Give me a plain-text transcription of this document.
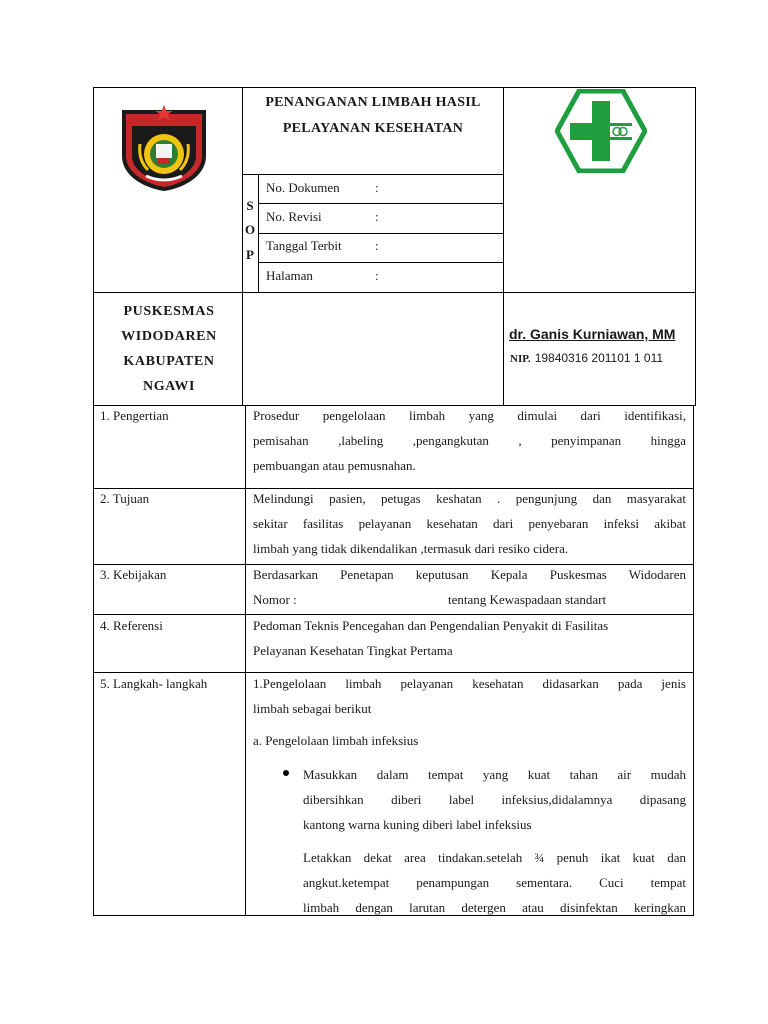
PENANGANAN LIMBAH HASIL
PELAYANAN KESEHATAN
S
O
P
No. Dokumen	:
No. Revisi	:
Tanggal Terbit	:
Halaman	:
PUSKESMAS
WIDODAREN
KABUPATEN
NGAWI
dr. Ganis Kurniawan, MM
NIP. 19840316 201101 1 011
1. Pengertian	Prosedur pengelolaan limbah yang dimulai dari identifikasi,
pemisahan ,labeling ,pengangkutan , penyimpanan hingga
pembuangan atau pemusnahan.
2. Tujuan	Melindungi pasien, petugas keshatan . pengunjung dan masyarakat
sekitar fasilitas pelayanan kesehatan dari penyebaran infeksi akibat
limbah yang tidak dikendalikan ,termasuk dari resiko cidera.
3. Kebijakan	Berdasarkan Penetapan keputusan Kepala Puskesmas Widodaren
Nomor :	tentang Kewaspadaan standart
4. Referensi	Pedoman Teknis Pencegahan dan Pengendalian Penyakit di Fasilitas
Pelayanan Kesehatan Tingkat Pertama
5. Langkah- langkah	1.Pengelolaan limbah pelayanan kesehatan didasarkan pada jenis
limbah sebagai berikut
a. Pengelolaan limbah infeksius
Masukkan dalam tempat yang kuat tahan air mudah
dibersihkan diberi label infeksius,didalamnya dipasang
kantong warna kuning diberi label infeksius
Letakkan dekat area tindakan.setelah ¾ penuh ikat kuat dan
angkut.ketempat penampungan sementara. Cuci tempat
limbah dengan larutan detergen atau disinfektan keringkan
